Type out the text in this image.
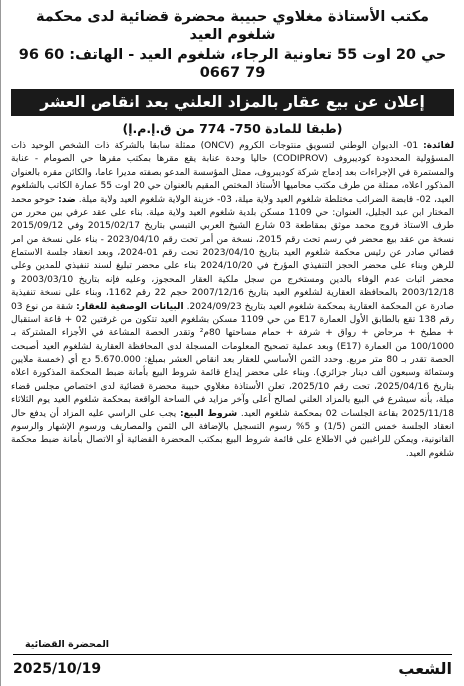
مكتب الأستاذة مغلاوي حبيبة محضرة قضائية لدى محكمة شلغوم العيد
حي 20 اوت 55 تعاونية الرجاء، شلغوم العيد - الهاتف: 60 96 79 0667
إعلان عن بيع عقار بالمزاد العلني بعد انقاص العشر
(طبقا للمادة 750- 774 من ق.إ.م.إ)
لفائدة: 01- الديوان الوطني لتسويق منتوجات الكروم (ONCV) ممثلة سابقا بالشركة ذات الشخص الوحيد ذات المسؤولية المحدودة كوديبروف (CODIPROV) حاليا وحدة عنابة يقع مقرها بمكتب مقرها حي الصومام - عنابة والمستمرة في الإجراءات بعد إدماج شركة كوديبروف، ممثل المؤسسة المدعو بصفته مديرا عاما، والكائن مقره بالعنوان المذكور اعلاه، ممثلة من طرف مكتب محاميها الأستاذ المختص المقيم بالعنوان حي 20 اوت 55 عمارة الكاتب بالشلغوم العيد، 02- قابضة الضرائب مختلطة شلغوم العيد ولاية ميلة، 03- خزينة الولاية شلغوم العيد ولاية ميلة. ضد: حوحو محمد المختار ابن عبد الجليل، العنوان: حي 1109 مسكن بلدية شلغوم العيد ولاية ميلة. بناء على عقد عرفي بين محرر من طرف الاستاذ فروج محمد موثق بمقاطعة 03 شارع الشيخ العربي التبسي بتاريخ 2015/02/17 وفي 2015/09/12 نسخة من عقد بيع محضر في رسم تحت رقم 2015، نسخة من أمر تحت رقم 2023/04/10 - بناء على نسخة من امر قضائي صادر عن رئيس محكمة شلغوم العيد بتاريخ 2023/04/10 تحت رقم 01-2024، وبعد انعقاد جلسة الاستماع للرهن وبناء على محضر الحجز التنفيذي المؤرخ في 2024/10/20 بناء على محضر تبليغ لسند تنفيذي للمدين وعلى محضر اثبات عدم الوفاء بالدين ومستخرج من سجل ملكية العقار المحجوز، وعليه فإنه بتاريخ 2003/03/10 و 2003/12/18 بالمحافظة العقارية لشلغوم العيد بتاريخ 2007/12/16 حجم 22 رقم 1162، وبناء على نسخة تنفيذية صادرة عن المحكمة العقارية بمحكمة شلغوم العيد بتاريخ 2024/09/23. البيانات الوصفية للعقار: شقة من نوع 03 رقم 138 تقع بالطابق الأول العمارة E17 من حي 1109 مسكن بشلغوم العيد تتكون من غرفتين 02 + قاعة استقبال + مطبخ + مرحاض + رواق + شرفة + حمام مساحتها 80م² وتقدر الحصة المشاعة في الأجزاء المشتركة بـ 100/1000 من العمارة (E17) وبعد عملية تصحيح المعلومات المسجلة لدى المحافظة العقارية لشلغوم العيد أصبحت الحصة تقدر بـ 80 متر مربع. وحدد الثمن الأساسي للعقار بعد انقاص العشر بمبلغ: 5.670.000 دج أي (خمسة ملايين وستمائة وسبعون ألف دينار جزائري). وبناء على محضر إيداع قائمة شروط البيع بأمانة ضبط المحكمة المذكورة اعلاه بتاريخ 2025/04/16، تحت رقم 2025/10، تعلن الأستاذة مغلاوي حبيبة محضرة قضائية لدى اختصاص مجلس قضاء ميلة، بأنه سيشرع في البيع بالمزاد العلني لصالح أعلى وآخر مزايد في الساحة الواقعة بمحكمة شلغوم العيد يوم الثلاثاء 2025/11/18 بقاعة الجلسات 02 بمحكمة شلغوم العيد. شروط البيع: يجب على الراسي عليه المزاد أن يدفع حال انعقاد الجلسة خمس الثمن (1/5) و 5% رسوم التسجيل بالإضافة الى الثمن والمصاريف ورسوم الإشهار والرسوم القانونية، ويمكن للراغبين في الاطلاع على قائمة شروط البيع بمكتب المحضرة القضائية أو الاتصال بأمانة ضبط محكمة شلغوم العيد.
المحضرة القضائية
2025/10/19	الشعب
